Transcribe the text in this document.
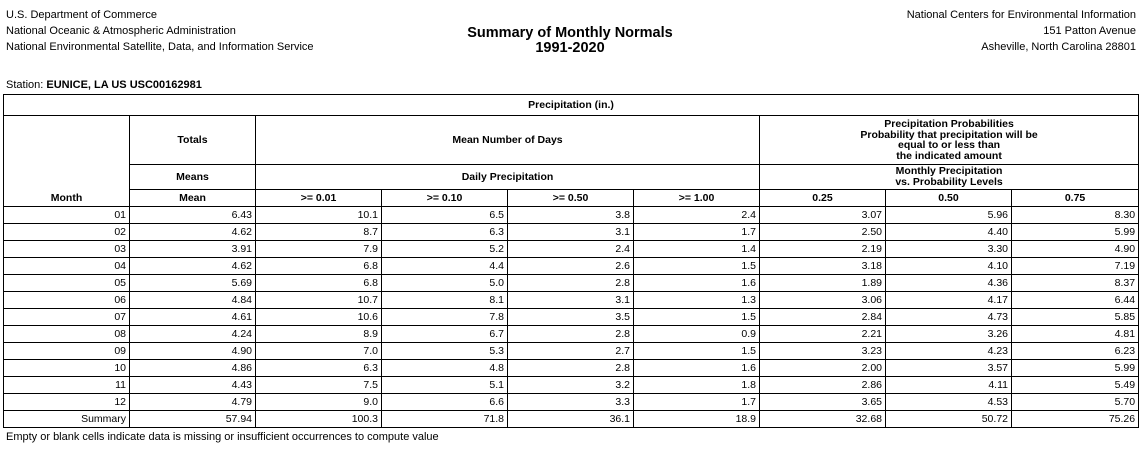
U.S. Department of Commerce
National Oceanic & Atmospheric Administration
National Environmental Satellite, Data, and Information Service
Summary of Monthly Normals
1991-2020
National Centers for Environmental Information
151 Patton Avenue
Asheville, North Carolina 28801
Station: EUNICE, LA US USC00162981
Precipitation (in.)								
	Totals	Mean Number of Days				Precipitation Probabilities
Probability that precipitation will be
equal to or less than
the indicated amount		

	Means	Daily Precipitation				Monthly Precipitation
vs. Probability Levels		

Month	Mean	>= 0.01	>= 0.10	>= 0.50	>= 1.00	0.25	0.50	0.75
01	6.43	10.1	6.5	3.8	2.4	3.07	5.96	8.30
02	4.62	8.7	6.3	3.1	1.7	2.50	4.40	5.99
03	3.91	7.9	5.2	2.4	1.4	2.19	3.30	4.90
04	4.62	6.8	4.4	2.6	1.5	3.18	4.10	7.19
05	5.69	6.8	5.0	2.8	1.6	1.89	4.36	8.37
06	4.84	10.7	8.1	3.1	1.3	3.06	4.17	6.44
07	4.61	10.6	7.8	3.5	1.5	2.84	4.73	5.85
08	4.24	8.9	6.7	2.8	0.9	2.21	3.26	4.81
09	4.90	7.0	5.3	2.7	1.5	3.23	4.23	6.23
10	4.86	6.3	4.8	2.8	1.6	2.00	3.57	5.99
11	4.43	7.5	5.1	3.2	1.8	2.86	4.11	5.49
12	4.79	9.0	6.6	3.3	1.7	3.65	4.53	5.70
Summary	57.94	100.3	71.8	36.1	18.9	32.68	50.72	75.26
Empty or blank cells indicate data is missing or insufficient occurrences to compute value
